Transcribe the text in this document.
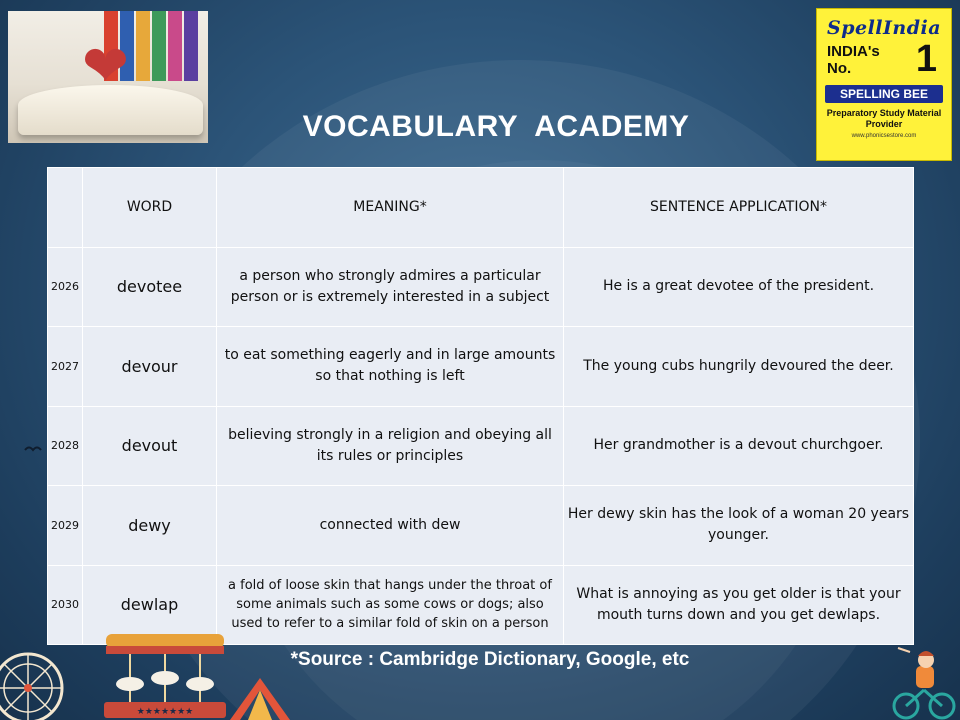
❤
SpellIndia
INDIA's
No.	1
SPELLING BEE
Preparatory Study Material Provider
www.phonicsestore.com
VOCABULARY  ACADEMY
	WORD	MEANING*	SENTENCE APPLICATION*
2026	devotee	a person who strongly admires a particular person or is extremely interested in a subject	He is a great devotee of the president.
2027	devour	to eat something eagerly and in large amounts so that nothing is left	The young cubs hungrily devoured the deer.
2028	devout	believing strongly in a religion and obeying all its rules or principles	Her grandmother is a devout churchgoer.
2029	dewy	connected with dew	Her dewy skin has the look of a woman 20 years younger.
2030	dewlap	a fold of loose skin that hangs under the throat of some animals such as some cows or dogs; also used to refer to a similar fold of skin on a person	What is annoying as you get older is that your mouth turns down and you get dewlaps.
*Source : Cambridge Dictionary, Google, etc
★★★★★★★
